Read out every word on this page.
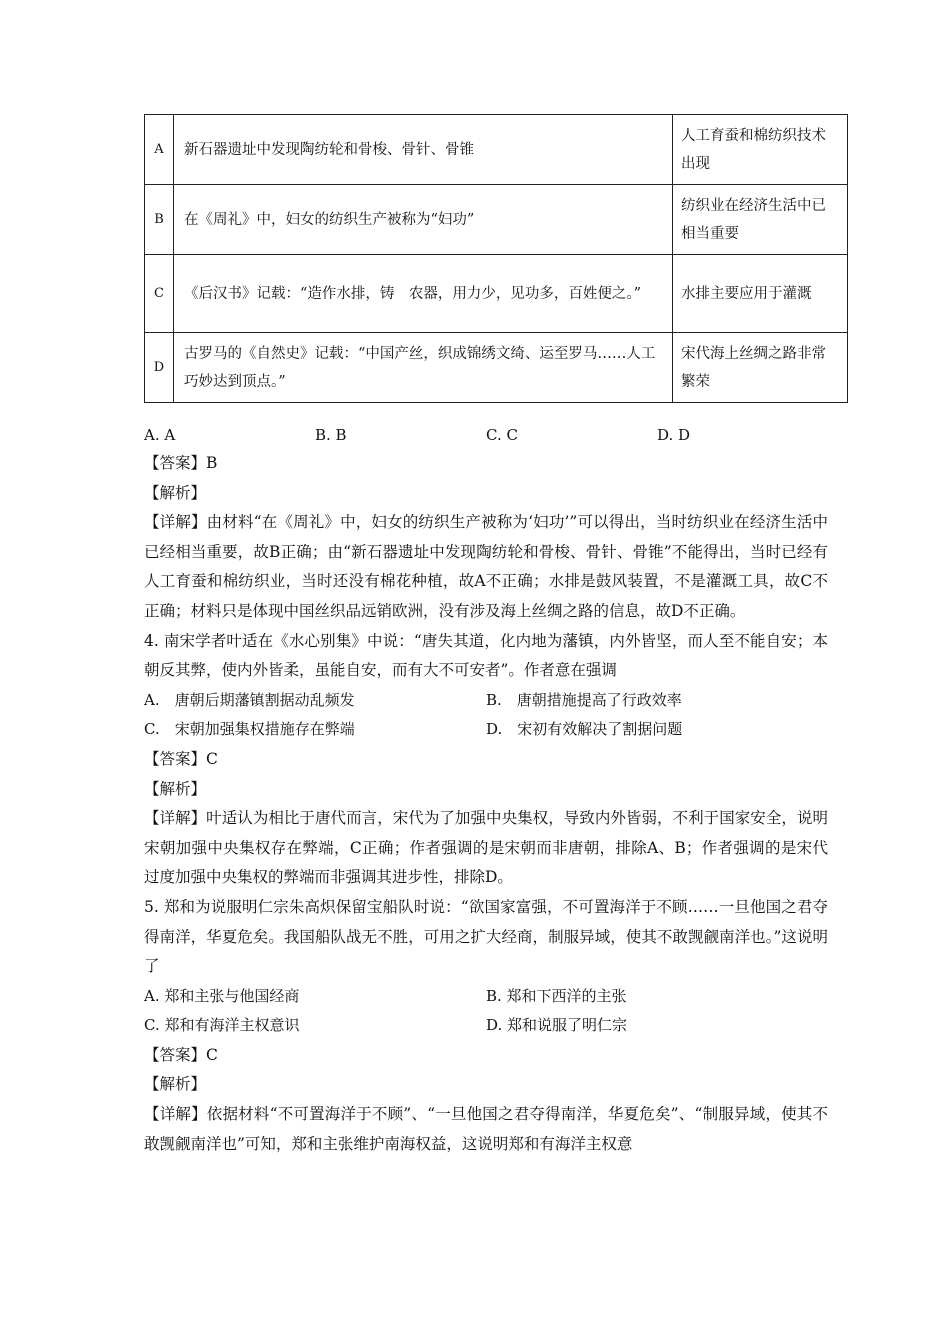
A	新石器遗址中发现陶纺轮和骨梭、骨针、骨锥	人工育蚕和棉纺织技术出现
B	在《周礼》中，妇女的纺织生产被称为“妇功”	纺织业在经济生活中已相当重要
C	《后汉书》记载：“造作水排，铸　农器，用力少，见功多，百姓便之。”	水排主要应用于灌溉
D	古罗马的《自然史》记载：“中国产丝，织成锦绣文绮、运至罗马……人工巧妙达到顶点。”	宋代海上丝绸之路非常繁荣
A. A	B. B	C. C	D. D
【答案】B
【解析】
【详解】由材料“在《周礼》中，妇女的纺织生产被称为‘妇功’”可以得出，当时纺织业在经济生活中已经相当重要，故B正确；由“新石器遗址中发现陶纺轮和骨梭、骨针、骨锥”不能得出，当时已经有人工育蚕和棉纺织业，当时还没有棉花种植，故A不正确；水排是鼓风装置，不是灌溉工具，故C不正确；材料只是体现中国丝织品远销欧洲，没有涉及海上丝绸之路的信息，故D不正确。
4. 南宋学者叶适在《水心别集》中说：“唐失其道，化内地为藩镇，内外皆坚，而人至不能自安；本朝反其弊，使内外皆柔，虽能自安，而有大不可安者”。作者意在强调
A.　唐朝后期藩镇割据动乱频发	B.　唐朝措施提高了行政效率
C.　宋朝加强集权措施存在弊端	D.　宋初有效解决了割据问题
【答案】C
【解析】
【详解】叶适认为相比于唐代而言，宋代为了加强中央集权，导致内外皆弱，不利于国家安全，说明宋朝加强中央集权存在弊端，C正确；作者强调的是宋朝而非唐朝，排除A、B；作者强调的是宋代过度加强中央集权的弊端而非强调其进步性，排除D。
5. 郑和为说服明仁宗朱高炽保留宝船队时说：“欲国家富强，不可置海洋于不顾……一旦他国之君夺得南洋，华夏危矣。我国船队战无不胜，可用之扩大经商，制服异域，使其不敢觊觎南洋也。”这说明了
A. 郑和主张与他国经商	B. 郑和下西洋的主张
C. 郑和有海洋主权意识	D. 郑和说服了明仁宗
【答案】C
【解析】
【详解】依据材料“不可置海洋于不顾”、“一旦他国之君夺得南洋，华夏危矣”、“制服异域，使其不敢觊觎南洋也”可知，郑和主张维护南海权益，这说明郑和有海洋主权意
